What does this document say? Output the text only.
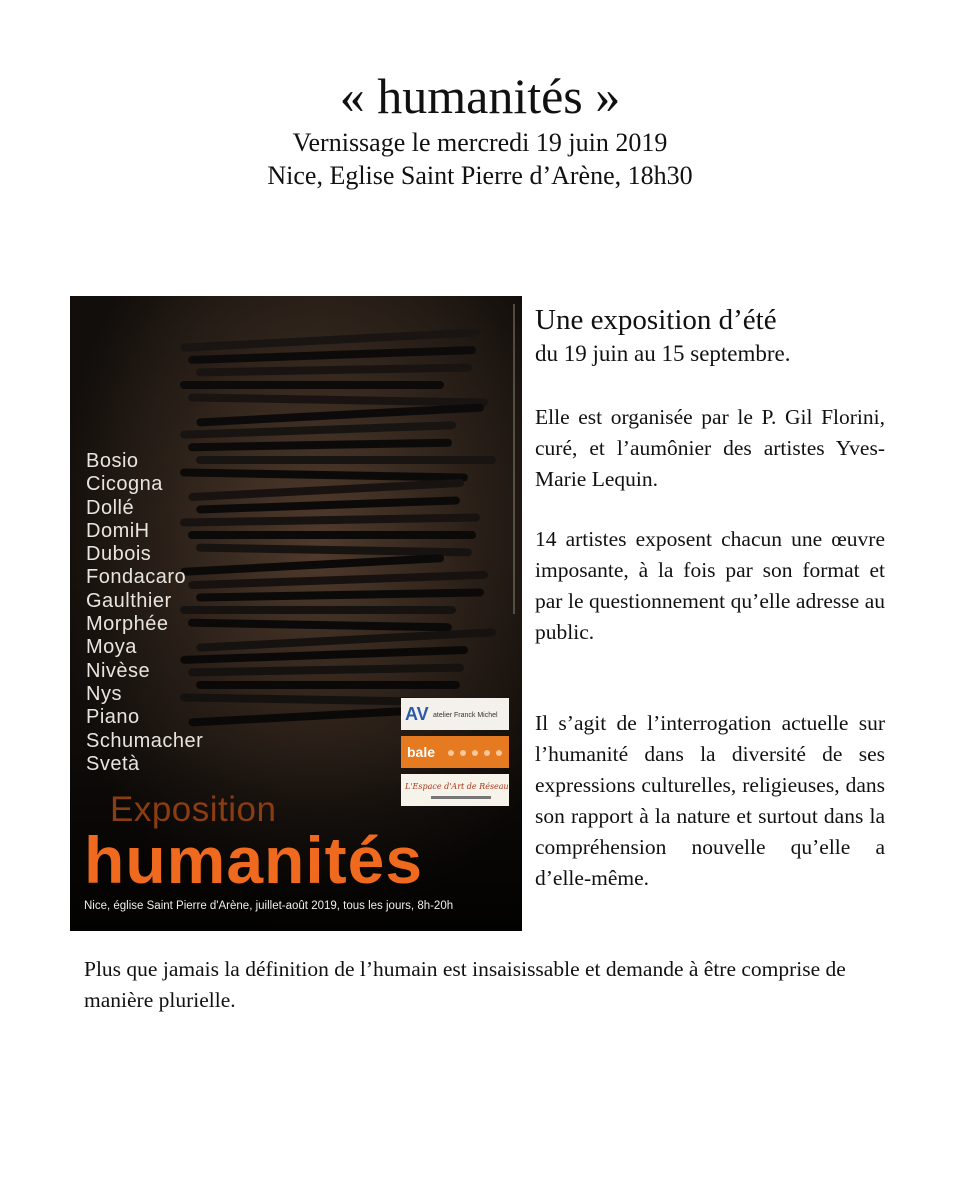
« humanités »
Vernissage le mercredi 19 juin 2019
Nice, Eglise Saint Pierre d’Arène, 18h30
Bosio
Cicogna
Dollé
DomiH
Dubois
Fondacaro
Gaulthier
Morphée
Moya
Nivèse
Nys
Piano
Schumacher
Svetà
AV atelier Franck Michel
bale
L'Espace d'Art de Réseau
Exposition
humanités
Nice, église Saint Pierre d'Arène, juillet-août 2019, tous les jours, 8h-20h
Une exposition d’été
du 19 juin au 15 septembre.
Elle est organisée par le P. Gil Florini, curé, et l’aumônier des artistes Yves-Marie Lequin.
14 artistes exposent chacun une œuvre imposante, à la fois par son format et par le questionnement qu’elle adresse au public.
Il s’agit de l’interrogation actuelle sur l’humanité dans la diversité de ses expressions culturelles, religieuses, dans son rapport à la nature et surtout dans la compréhension nouvelle qu’elle a d’elle-même.
Plus que jamais la définition de l’humain est insaisissable et demande à être comprise de manière plurielle.
